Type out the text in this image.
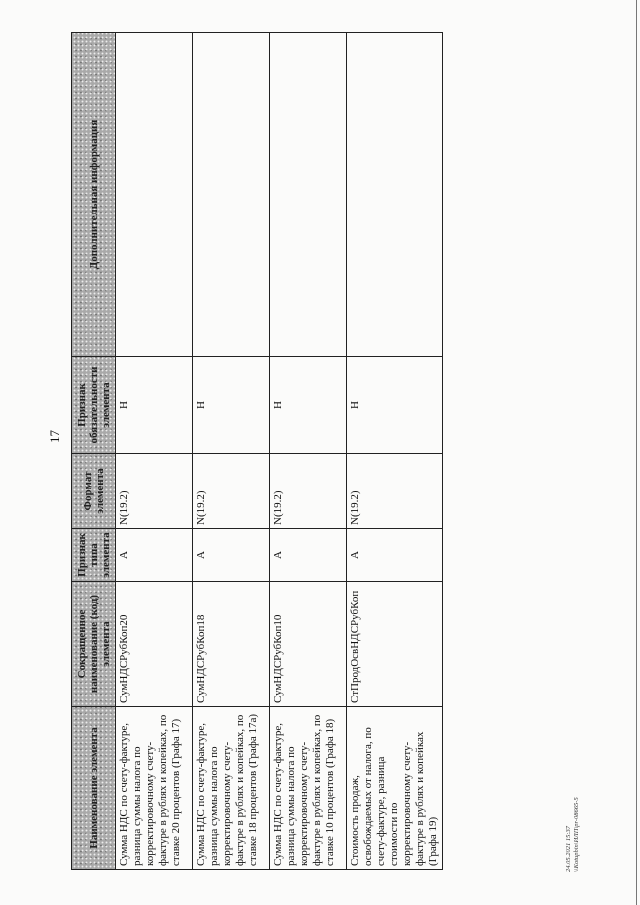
17
Наименование элемента	Сокращенное наименование (код) элемента	Признак типа элемента	Формат элемента	Признак обязательности элемента	Дополнительная информация
Сумма НДС по счету-фактуре, разница суммы налога по корректировочному счету-фактуре в рублях и копейках, по ставке 20 процентов (Графа 17)	СумНДСРубКоп20	А	N(19.2)	Н	
Сумма НДС по счету-фактуре, разница суммы налога по корректировочному счету-фактуре в рублях и копейках, по ставке 18 процентов (Графа 17а)	СумНДСРубКоп18	А	N(19.2)	Н	
Сумма НДС по счету-фактуре, разница суммы налога по корректировочному счету-фактуре в рублях и копейках, по ставке 10 процентов (Графа 18)	СумНДСРубКоп10	А	N(19.2)	Н	
Стоимость продаж, освобождаемых от налога, по счету-фактуре, разница стоимости по корректировочному счету-фактуре в рублях и копейках (Графа 19)	СтПродОсвНДСРубКоп	А	N(19.2)	Н	
24.05.2021 15:37 \\Kotupbin\ИЛП\pr-08665-5
